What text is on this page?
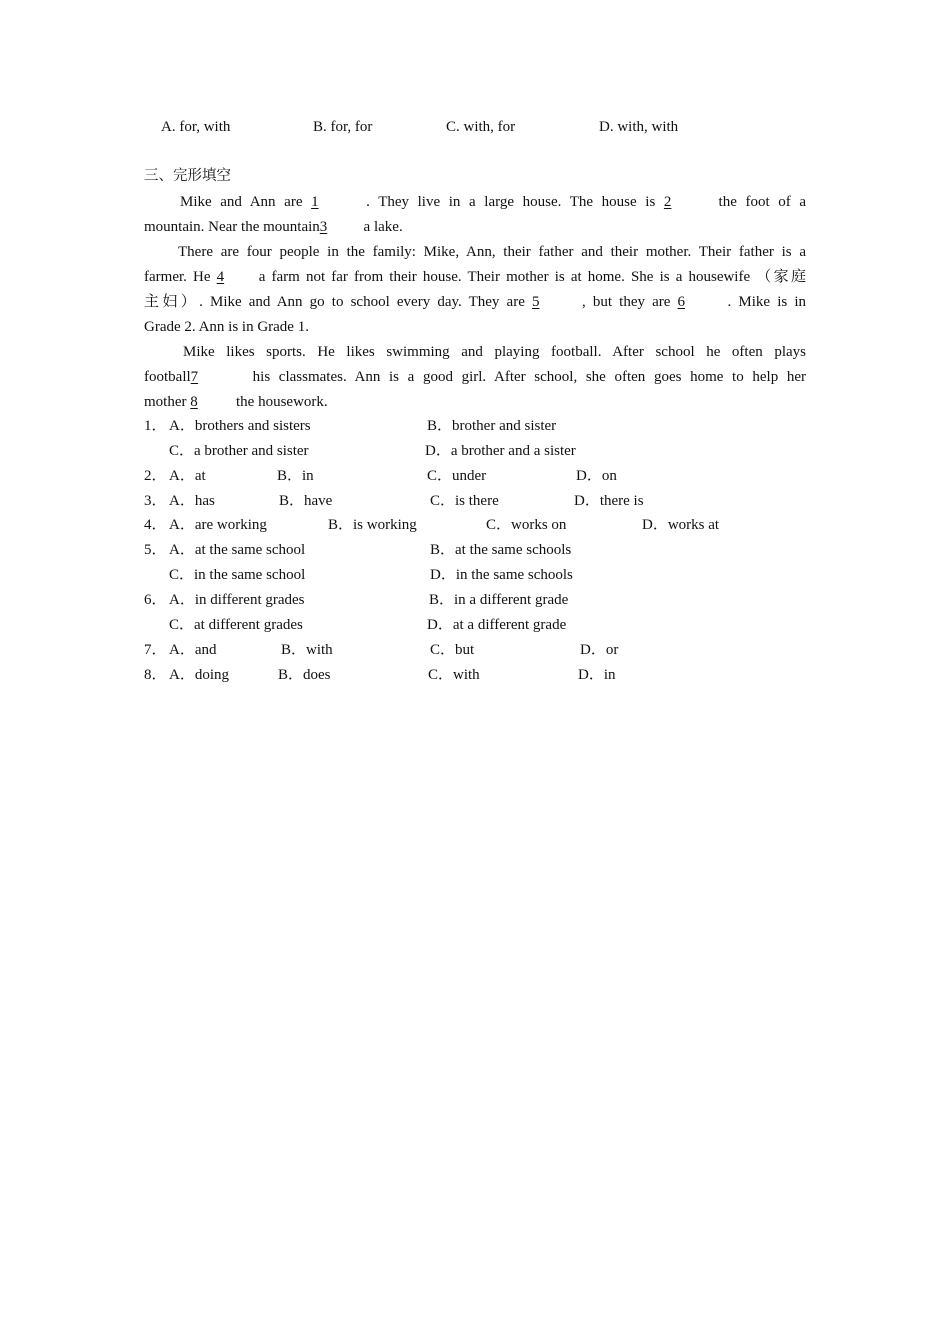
A. for, with	B. for, for	C. with, for	D. with, with
三、完形填空
Mike and Ann are 1	. They live in a large house. The house is 2	the foot of a
mountain. Near the mountain3 a lake.
There are four people in the family: Mike, Ann, their father and their mother. Their father is a
farmer. He 4 a farm not far from their house. Their mother is at home. She is a housewife （家庭
主妇）. Mike and Ann go to school every day. They are 5	, but they are 6	. Mike is in
Grade 2. Ann is in Grade 1.
Mike likes sports. He likes swimming and playing football. After school he often plays
football7	his classmates. Ann is a good girl. After school, she often goes home to help her
mother 8 the housework.
1． A．brothers and sisters	B．brother and sister
C．a brother and sister	D．a brother and a sister
2． A．at	B．in	C．under	D．on
3． A．has	B．have	C．is there	D．there is
4． A．are working	B．is working	C．works on	D．works at
5． A．at the same school	B．at the same schools
C．in the same school	D．in the same schools
6． A．in different grades	B．in a different grade
C．at different grades	D．at a different grade
7． A．and	B．with	C．but	D．or
8． A．doing	B．does	C．with	D．in
